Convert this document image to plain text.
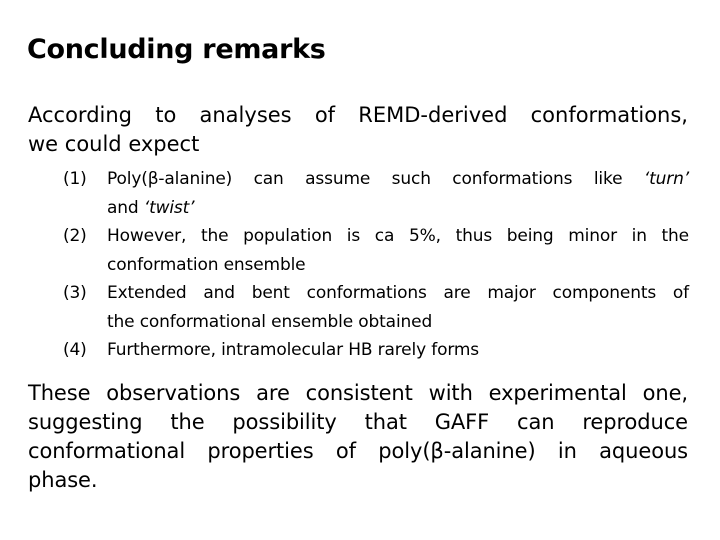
Concluding remarks
According to analyses of REMD-derived conformations,
we could expect
(1) Poly(β-alanine) can assume such conformations like ‘turn’
and ‘twist’
(2) However, the population is ca 5%, thus being minor in the
conformation ensemble
(3) Extended and bent conformations are major components of
the conformational ensemble obtained
(4) Furthermore, intramolecular HB rarely forms
These observations are consistent with experimental one,
suggesting the possibility that GAFF can reproduce
conformational properties of poly(β-alanine) in aqueous
phase.
